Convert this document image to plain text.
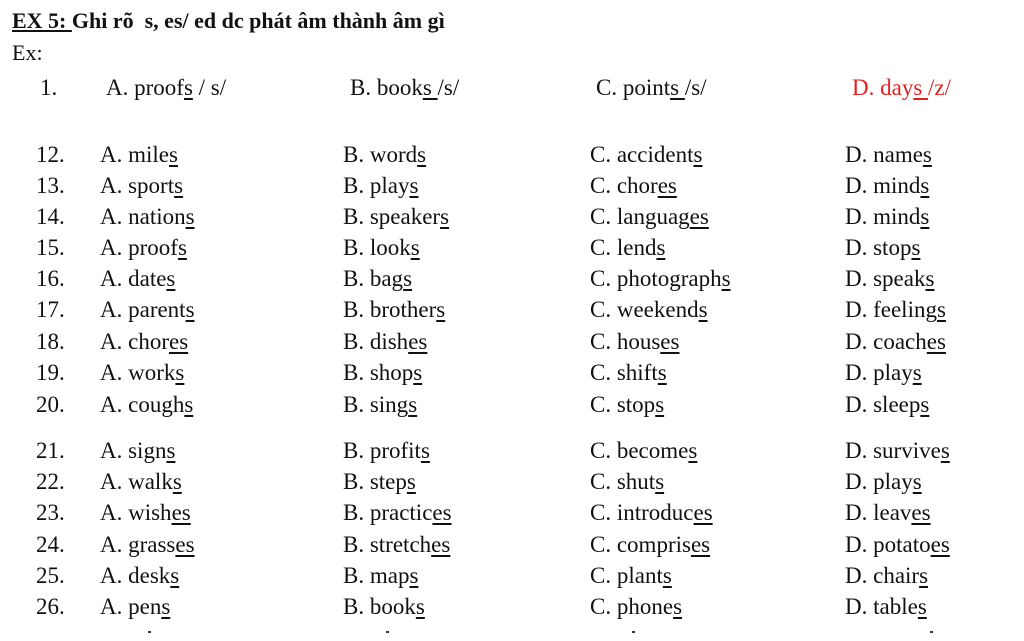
EX 5: Ghi rõ  s, es/ ed dc phát âm thành âm gì
Ex:
1. A. proofs / s/	B. books /s/	C. points /s/	D. days /z/
12. A. miles	B. words	C. accidents	D. names
13. A. sports	B. plays	C. chores	D. minds
14. A. nations	B. speakers	C. languages	D. minds
15. A. proofs	B. looks	C. lends	D. stops
16. A. dates	B. bags	C. photographs	D. speaks
17. A. parents	B. brothers	C. weekends	D. feelings
18. A. chores	B. dishes	C. houses	D. coaches
19. A. works	B. shops	C. shifts	D. plays
20. A. coughs	B. sings	C. stops	D. sleeps
21. A. signs	B. profits	C. becomes	D. survives
22. A. walks	B. steps	C. shuts	D. plays
23. A. wishes	B. practices	C. introduces	D. leaves
24. A. grasses	B. stretches	C. comprises	D. potatoes
25. A. desks	B. maps	C. plants	D. chairs
26. A. pens	B. books	C. phones	D. tables
